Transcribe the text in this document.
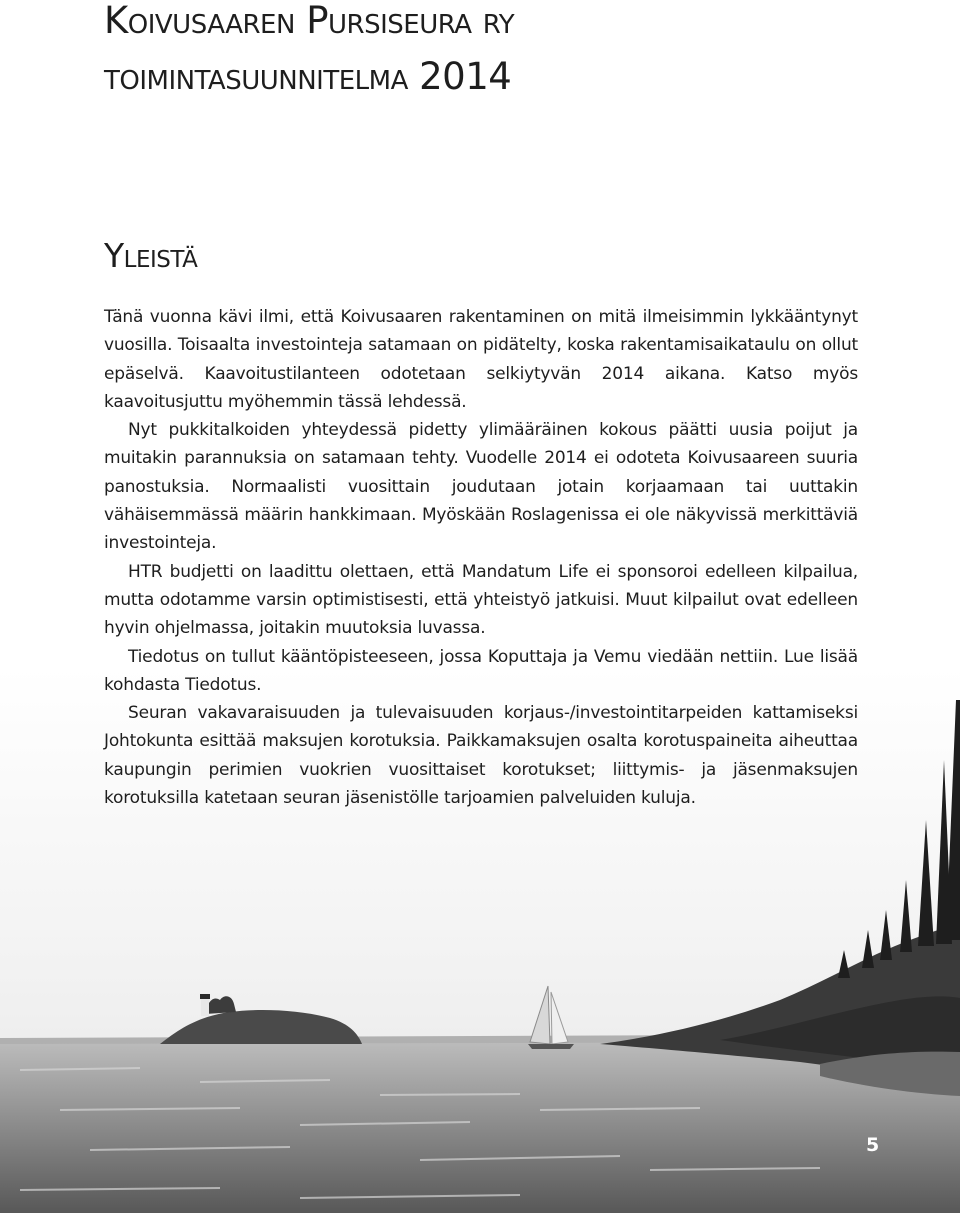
Koivusaaren Pursiseura ry
toimintasuunnitelma 2014
Yleistä

Tänä vuonna kävi ilmi, että Koivusaaren rakentaminen on mitä ilmeisimmin lykkääntynyt vuosilla. Toisaalta investointeja satamaan on pidätelty, koska rakentamisaikataulu on ollut epäselvä. Kaavoitustilanteen odotetaan selkiytyvän 2014 aikana. Katso myös kaavoitusjuttu myöhemmin tässä lehdessä.

Nyt pukkitalkoiden yhteydessä pidetty ylimääräinen kokous päätti uusia poijut ja muitakin parannuksia on satamaan tehty. Vuodelle 2014 ei odoteta Koivusaareen suuria panostuksia. Normaalisti vuosittain joudutaan jotain korjaamaan tai uuttakin vähäisemmässä määrin hankkimaan. Myöskään Roslagenissa ei ole näkyvissä merkittäviä investointeja.

HTR budjetti on laadittu olettaen, että Mandatum Life ei sponsoroi edelleen kilpailua, mutta odotamme varsin optimistisesti, että yhteistyö jatkuisi. Muut kilpailut ovat edelleen hyvin ohjelmassa, joitakin muutoksia luvassa.

Tiedotus on tullut kääntöpisteeseen, jossa Koputtaja ja Vemu viedään nettiin. Lue lisää kohdasta Tiedotus.

Seuran vakavaraisuuden ja tulevaisuuden korjaus-/investointitarpeiden kattamiseksi Johtokunta esittää maksujen korotuksia. Paikkamaksujen osalta korotuspaineita aiheuttaa kaupungin perimien vuokrien vuosittaiset korotukset; liittymis- ja jäsenmaksujen korotuksilla katetaan seuran jäsenistölle tarjoamien palveluiden kuluja.

5
